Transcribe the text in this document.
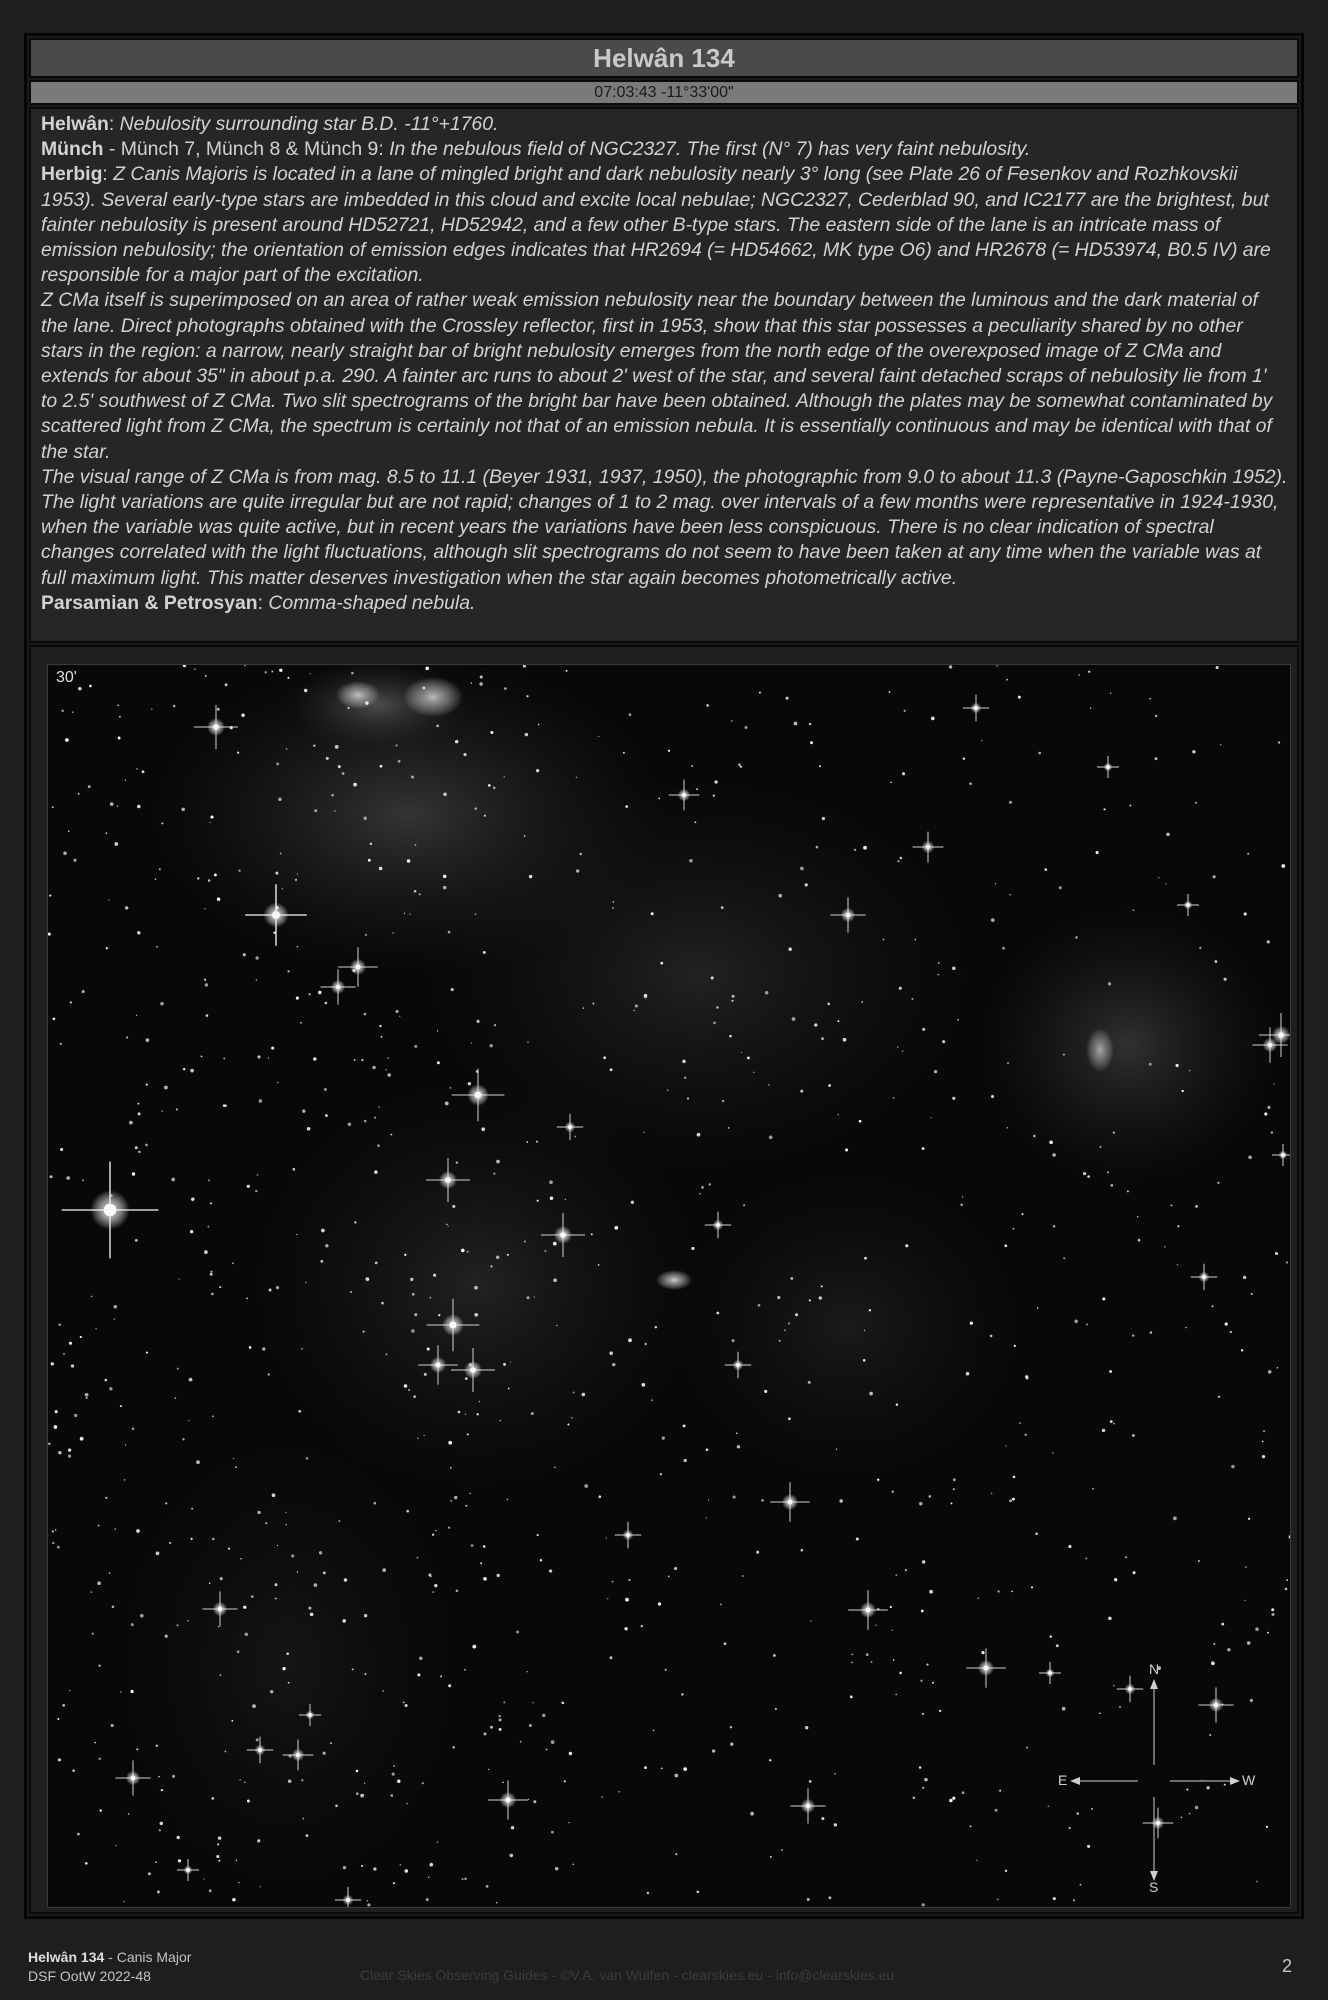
Helwân 134
07:03:43 -11°33'00"

Helwân: Nebulosity surrounding star B.D. -11°+1760.

Münch - Münch 7, Münch 8 & Münch 9: In the nebulous field of NGC2327. The first (N° 7) has very faint nebulosity.

Herbig: Z Canis Majoris is located in a lane of mingled bright and dark nebulosity nearly 3° long (see Plate 26 of Fesenkov and Rozhkovskii 1953). Several early-type stars are imbedded in this cloud and excite local nebulae; NGC2327, Cederblad 90, and IC2177 are the brightest, but fainter nebulosity is present around HD52721, HD52942, and a few other B-type stars. The eastern side of the lane is an intricate mass of emission nebulosity; the orientation of emission edges indicates that HR2694 (= HD54662, MK type O6) and HR2678 (= HD53974, B0.5 IV) are responsible for a major part of the excitation.

Z CMa itself is superimposed on an area of rather weak emission nebulosity near the boundary between the luminous and the dark material of the lane. Direct photographs obtained with the Crossley reflector, first in 1953, show that this star possesses a peculiarity shared by no other stars in the region: a narrow, nearly straight bar of bright nebulosity emerges from the north edge of the overexposed image of Z CMa and extends for about 35" in about p.a. 290. A fainter arc runs to about 2' west of the star, and several faint detached scraps of nebulosity lie from 1' to 2.5' southwest of Z CMa. Two slit spectrograms of the bright bar have been obtained. Although the plates may be somewhat contaminated by scattered light from Z CMa, the spectrum is certainly not that of an emission nebula. It is essentially continuous and may be identical with that of the star.

The visual range of Z CMa is from mag. 8.5 to 11.1 (Beyer 1931, 1937, 1950), the photographic from 9.0 to about 11.3 (Payne-Gaposchkin 1952). The light variations are quite irregular but are not rapid; changes of 1 to 2 mag. over intervals of a few months were representative in 1924-1930, when the variable was quite active, but in recent years the variations have been less conspicuous. There is no clear indication of spectral changes correlated with the light fluctuations, although slit spectrograms do not seem to have been taken at any time when the variable was at full maximum light. This matter deserves investigation when the star again becomes photometrically active.

Parsamian & Petrosyan: Comma-shaped nebula.

30'
N
S
E	W
Helwân 134 - Canis Major
DSF OotW 2022-48	Clear Skies Observing Guides - ©V.A. van Wulfen - clearskies.eu - info@clearskies.eu	2
